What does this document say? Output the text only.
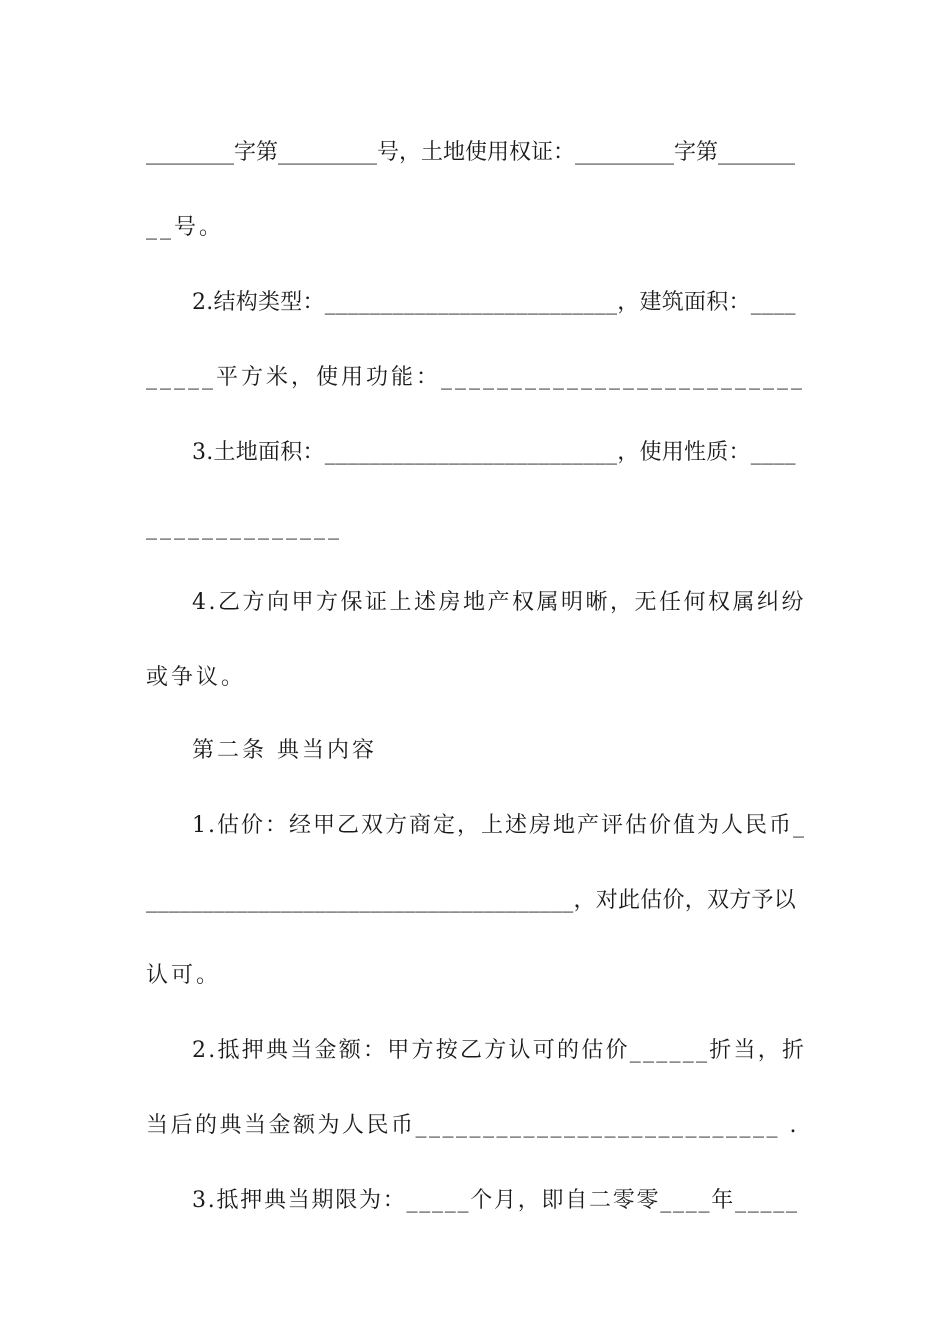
________字第_________号，土地使用权证：_________字第_______
__号。
2.结构类型：__________________________，建筑面积：____
_____平方米，使用功能：__________________________
3.土地面积：__________________________，使用性质：____
______________
4.乙方向甲方保证上述房地产权属明晰，无任何权属纠纷
或争议。
第二条 典当内容
1.估价：经甲乙双方商定，上述房地产评估价值为人民币_
______________________________________，对此估价，双方予以
认可。
2.抵押典当金额：甲方按乙方认可的估价______折当，折
当后的典当金额为人民币___________________________ .
3.抵押典当期限为：_____个月，即自二零零____年_____
